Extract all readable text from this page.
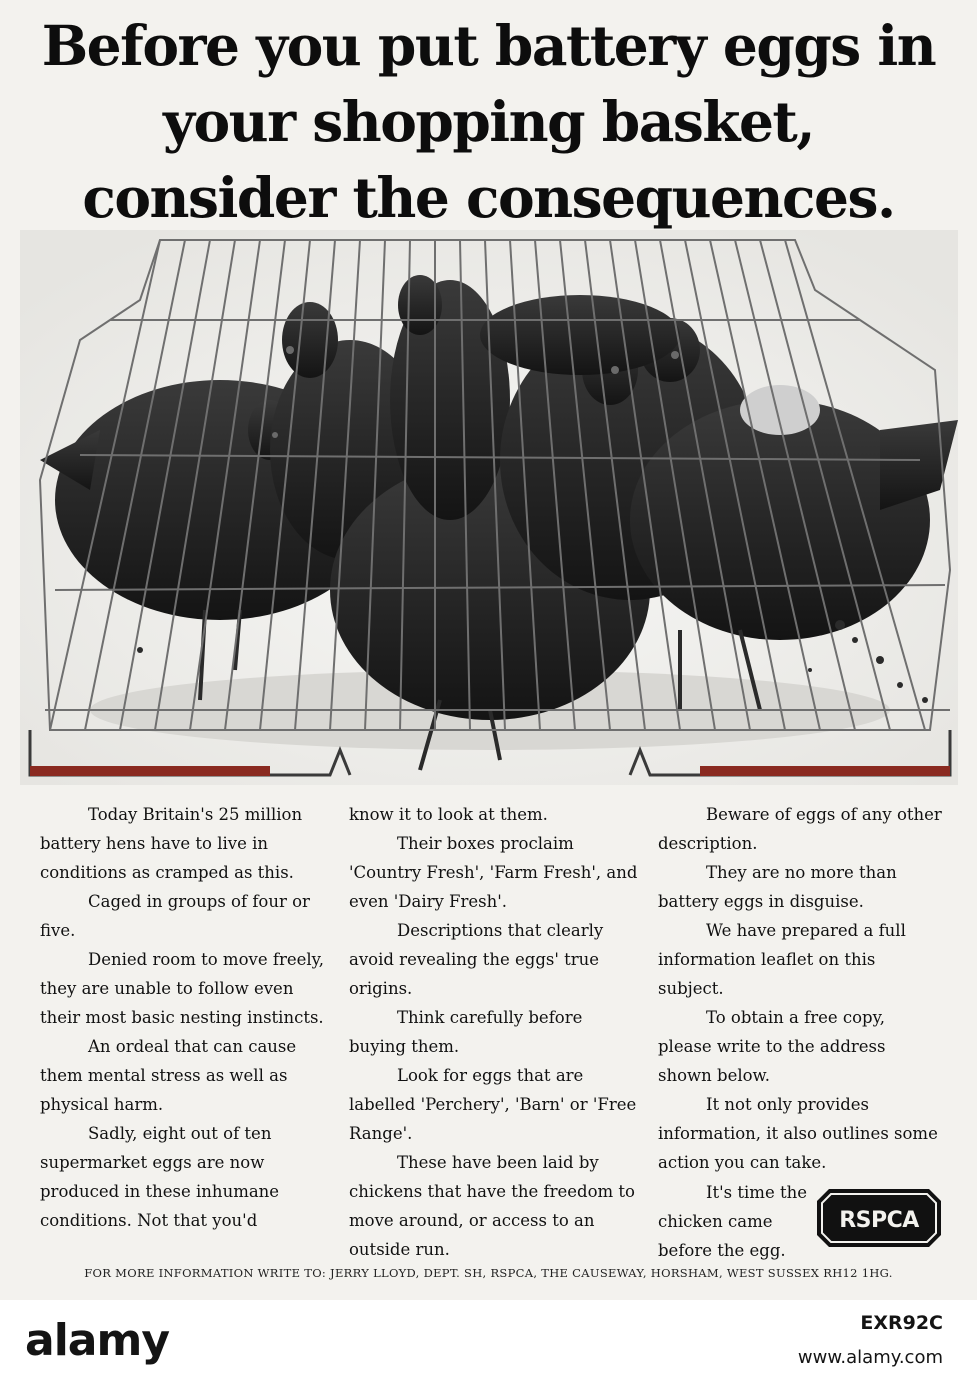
Before you put battery eggs in
your shopping basket,
consider the consequences.

Today Britain's 25 million battery hens have to live in conditions as cramped as this.

Caged in groups of four or five.

Denied room to move freely, they are unable to follow even their most basic nesting instincts.

An ordeal that can cause them mental stress as well as physical harm.

Sadly, eight out of ten supermarket eggs are now produced in these inhumane conditions. Not that you'd

know it to look at them.

Their boxes proclaim 'Country Fresh', 'Farm Fresh', and even 'Dairy Fresh'.

Descriptions that clearly avoid revealing the eggs' true origins.

Think carefully before buying them.

Look for eggs that are labelled 'Perchery', 'Barn' or 'Free Range'.

These have been laid by chickens that have the freedom to move around, or access to an outside run.

Beware of eggs of any other description.

They are no more than battery eggs in disguise.

We have prepared a full information leaflet on this subject.

To obtain a free copy, please write to the address shown below.

It not only provides information, it also outlines some action you can take.

It's time the

chicken came

before the egg.

RSPCA

FOR MORE INFORMATION WRITE TO: JERRY LLOYD, DEPT. SH, RSPCA, THE CAUSEWAY, HORSHAM, WEST SUSSEX RH12 1HG.

alamy	EXR92C

www.alamy.com
